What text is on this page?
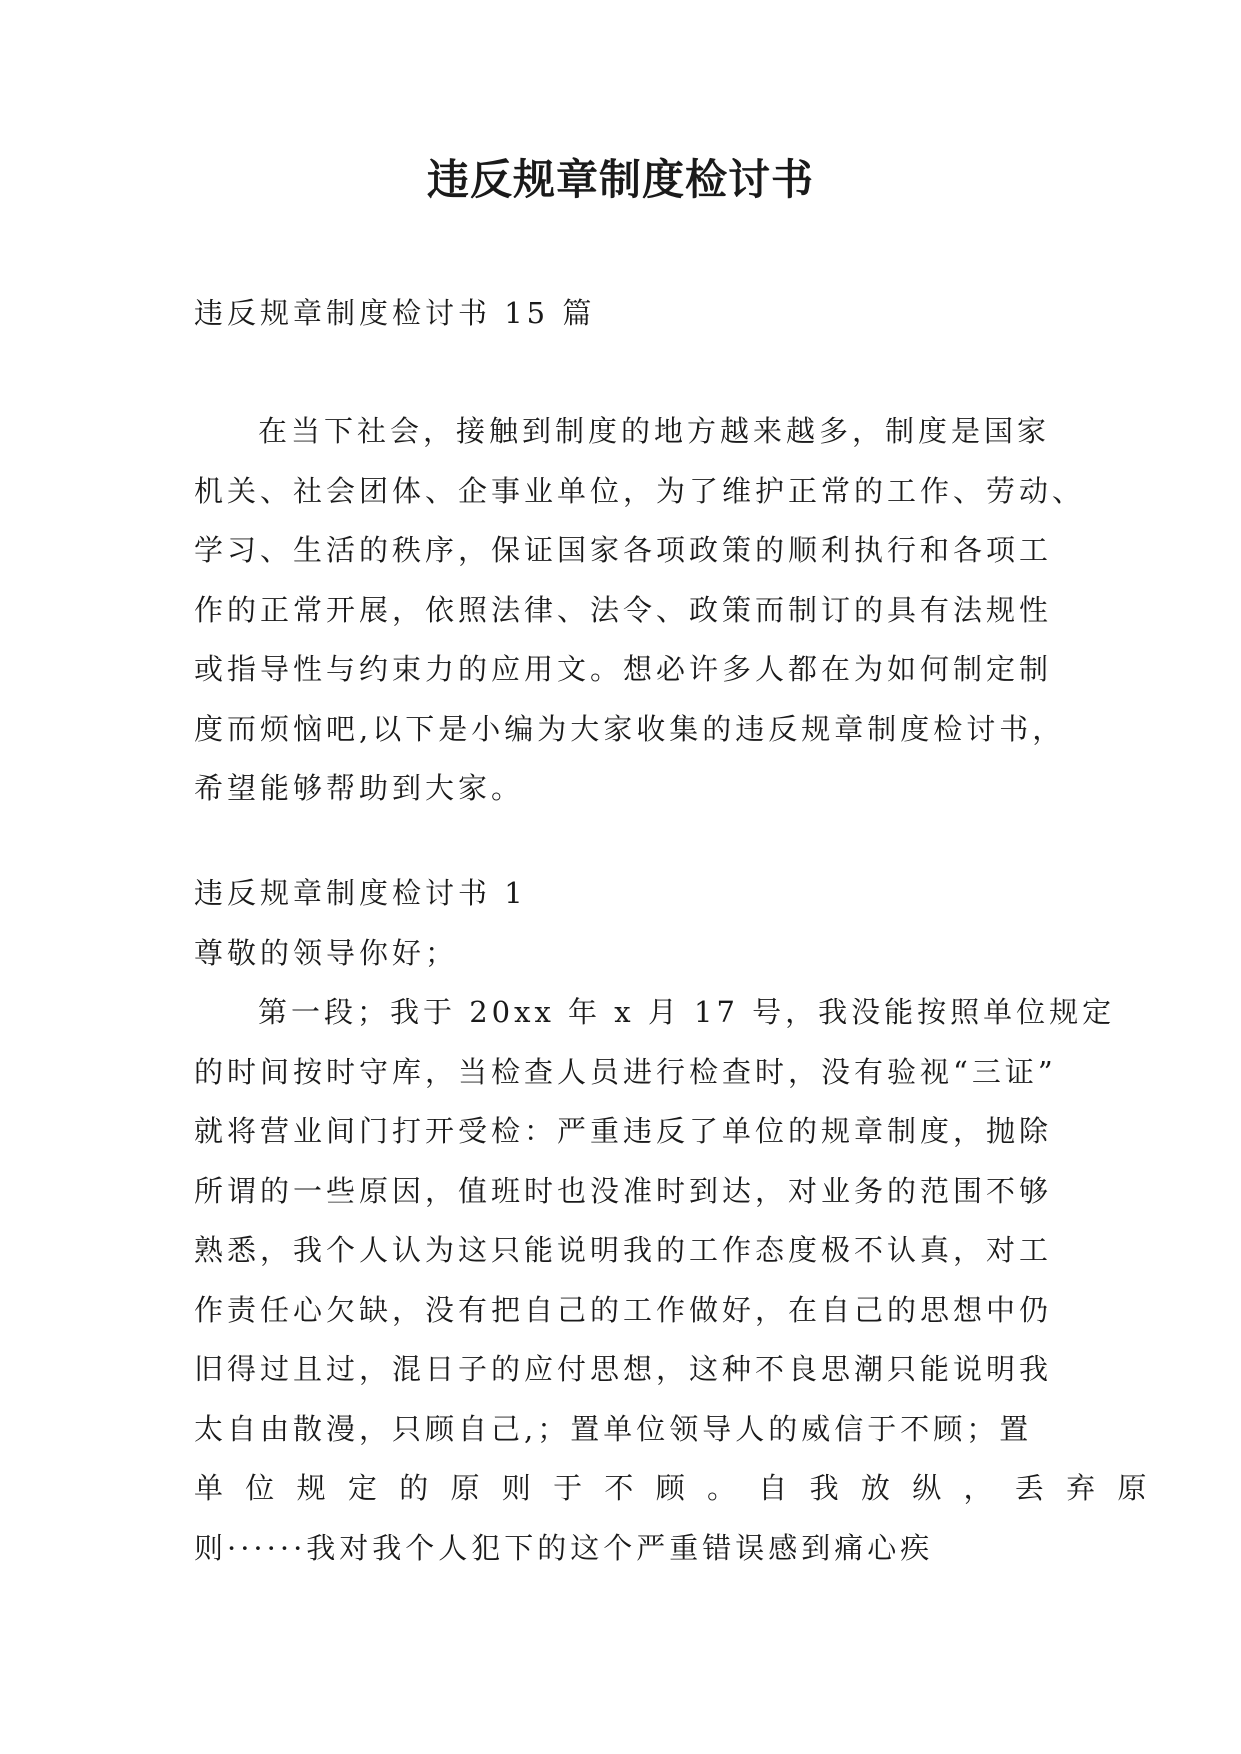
违反规章制度检讨书
违反规章制度检讨书 15 篇
在当下社会，接触到制度的地方越来越多，制度是国家
机关、社会团体、企事业单位，为了维护正常的工作、劳动、
学习、生活的秩序，保证国家各项政策的顺利执行和各项工
作的正常开展，依照法律、法令、政策而制订的具有法规性
或指导性与约束力的应用文。想必许多人都在为如何制定制
度而烦恼吧,以下是小编为大家收集的违反规章制度检讨书，
希望能够帮助到大家。
违反规章制度检讨书 1
尊敬的领导你好；
第一段；我于 20xx 年 x 月 17 号，我没能按照单位规定
的时间按时守库，当检查人员进行检查时，没有验视“三证”
就将营业间门打开受检：严重违反了单位的规章制度，抛除
所谓的一些原因，值班时也没准时到达，对业务的范围不够
熟悉，我个人认为这只能说明我的工作态度极不认真，对工
作责任心欠缺，没有把自己的工作做好，在自己的思想中仍
旧得过且过，混日子的应付思想，这种不良思潮只能说明我
太自由散漫，只顾自己,；置单位领导人的威信于不顾；置
单位规定的原则于不顾。自我放纵，丢弃原
则······我对我个人犯下的这个严重错误感到痛心疾
